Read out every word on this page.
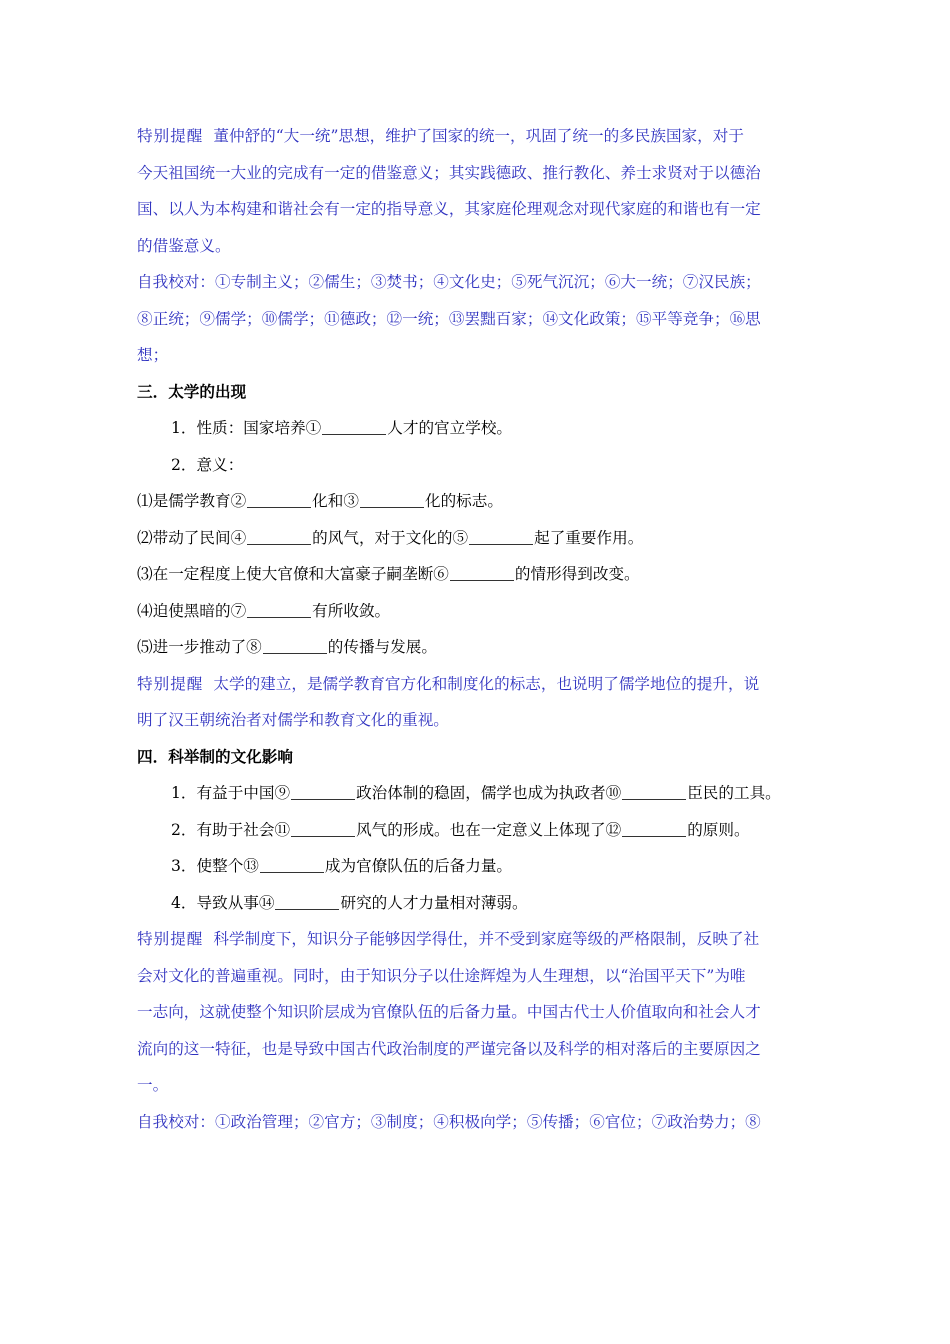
特别提醒 董仲舒的“大一统”思想，维护了国家的统一，巩固了统一的多民族国家，对于
今天祖国统一大业的完成有一定的借鉴意义；其实践德政、推行教化、养士求贤对于以德治
国、以人为本构建和谐社会有一定的指导意义，其家庭伦理观念对现代家庭的和谐也有一定
的借鉴意义。
自我校对：①专制主义；②儒生；③焚书；④文化史；⑤死气沉沉；⑥大一统；⑦汉民族；
⑧正统；⑨儒学；⑩儒学；⑪德政；⑫一统；⑬罢黜百家；⑭文化政策；⑮平等竞争；⑯思
想；
三．太学的出现
1．性质：国家培养①	人才的官立学校。
2．意义：
⑴是儒学教育②	化和③	化的标志。
⑵带动了民间④	的风气，对于文化的⑤	起了重要作用。
⑶在一定程度上使大官僚和大富豪子嗣垄断⑥	的情形得到改变。
⑷迫使黑暗的⑦	有所收敛。
⑸进一步推动了⑧	的传播与发展。
特别提醒 太学的建立，是儒学教育官方化和制度化的标志，也说明了儒学地位的提升，说
明了汉王朝统治者对儒学和教育文化的重视。
四．科举制的文化影响
1．有益于中国⑨	政治体制的稳固，儒学也成为执政者⑩	臣民的工具。
2．有助于社会⑪	风气的形成。也在一定意义上体现了⑫	的原则。
3．使整个⑬	成为官僚队伍的后备力量。
4．导致从事⑭	研究的人才力量相对薄弱。
特别提醒 科学制度下，知识分子能够因学得仕，并不受到家庭等级的严格限制，反映了社
会对文化的普遍重视。同时，由于知识分子以仕途辉煌为人生理想，以“治国平天下”为唯
一志向，这就使整个知识阶层成为官僚队伍的后备力量。中国古代士人价值取向和社会人才
流向的这一特征，也是导致中国古代政治制度的严谨完备以及科学的相对落后的主要原因之
一。
自我校对：①政治管理；②官方；③制度；④积极向学；⑤传播；⑥官位；⑦政治势力；⑧
